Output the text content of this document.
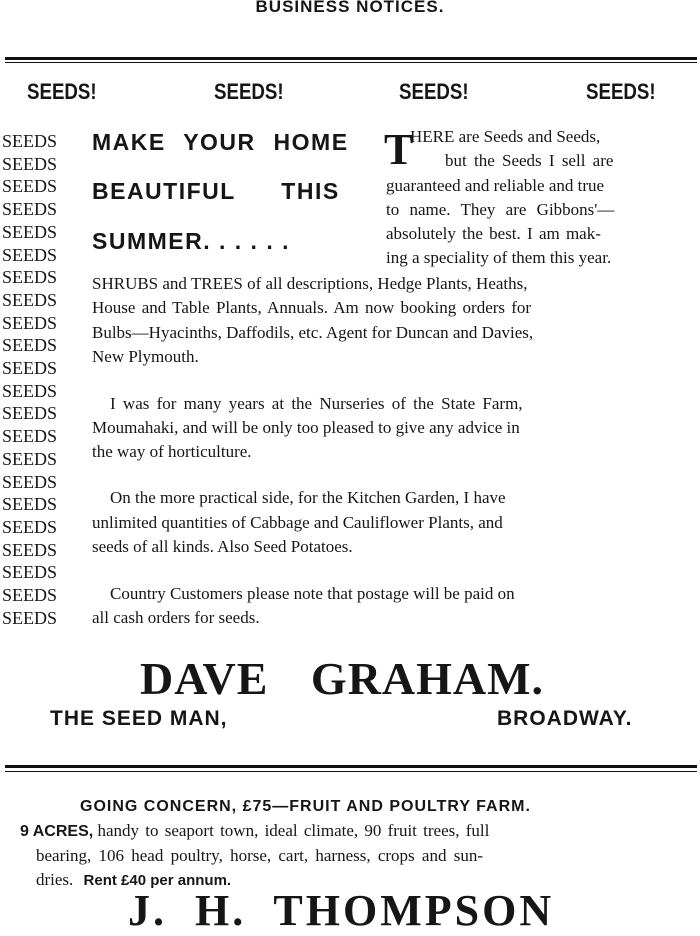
BUSINESS NOTICES.
SEEDS!	SEEDS!	SEEDS!	SEEDS!
SEEDS
SEEDS
SEEDS
SEEDS
SEEDS
SEEDS
SEEDS
SEEDS
SEEDS
SEEDS
SEEDS
SEEDS
SEEDS
SEEDS
SEEDS
SEEDS
SEEDS
SEEDS
SEEDS
SEEDS
SEEDS
SEEDS
MAKE YOUR HOME
BEAUTIFUL THIS
SUMMER. . . . . .
T
HERE are Seeds and Seeds,
but the Seeds I sell are
guaranteed and reliable and true
to name. They are Gibbons'—
absolutely the best. I am mak-
ing a speciality of them this year.
SHRUBS and TREES of all descriptions, Hedge Plants, Heaths,
House and Table Plants, Annuals. Am now booking orders for
Bulbs—Hyacinths, Daffodils, etc. Agent for Duncan and Davies,
New Plymouth.
I was for many years at the Nurseries of the State Farm,
Moumahaki, and will be only too pleased to give any advice in
the way of horticulture.
On the more practical side, for the Kitchen Garden, I have
unlimited quantities of Cabbage and Cauliflower Plants, and
seeds of all kinds. Also Seed Potatoes.
Country Customers please note that postage will be paid on
all cash orders for seeds.
DAVE GRAHAM.
THE SEED MAN,	BROADWAY.
GOING CONCERN, £75—FRUIT AND POULTRY FARM.
9 ACRES, handy to seaport town, ideal climate, 90 fruit trees, full
bearing, 106 head poultry, horse, cart, harness, crops and sun-
dries. Rent £40 per annum.
J. H. THOMPSON
